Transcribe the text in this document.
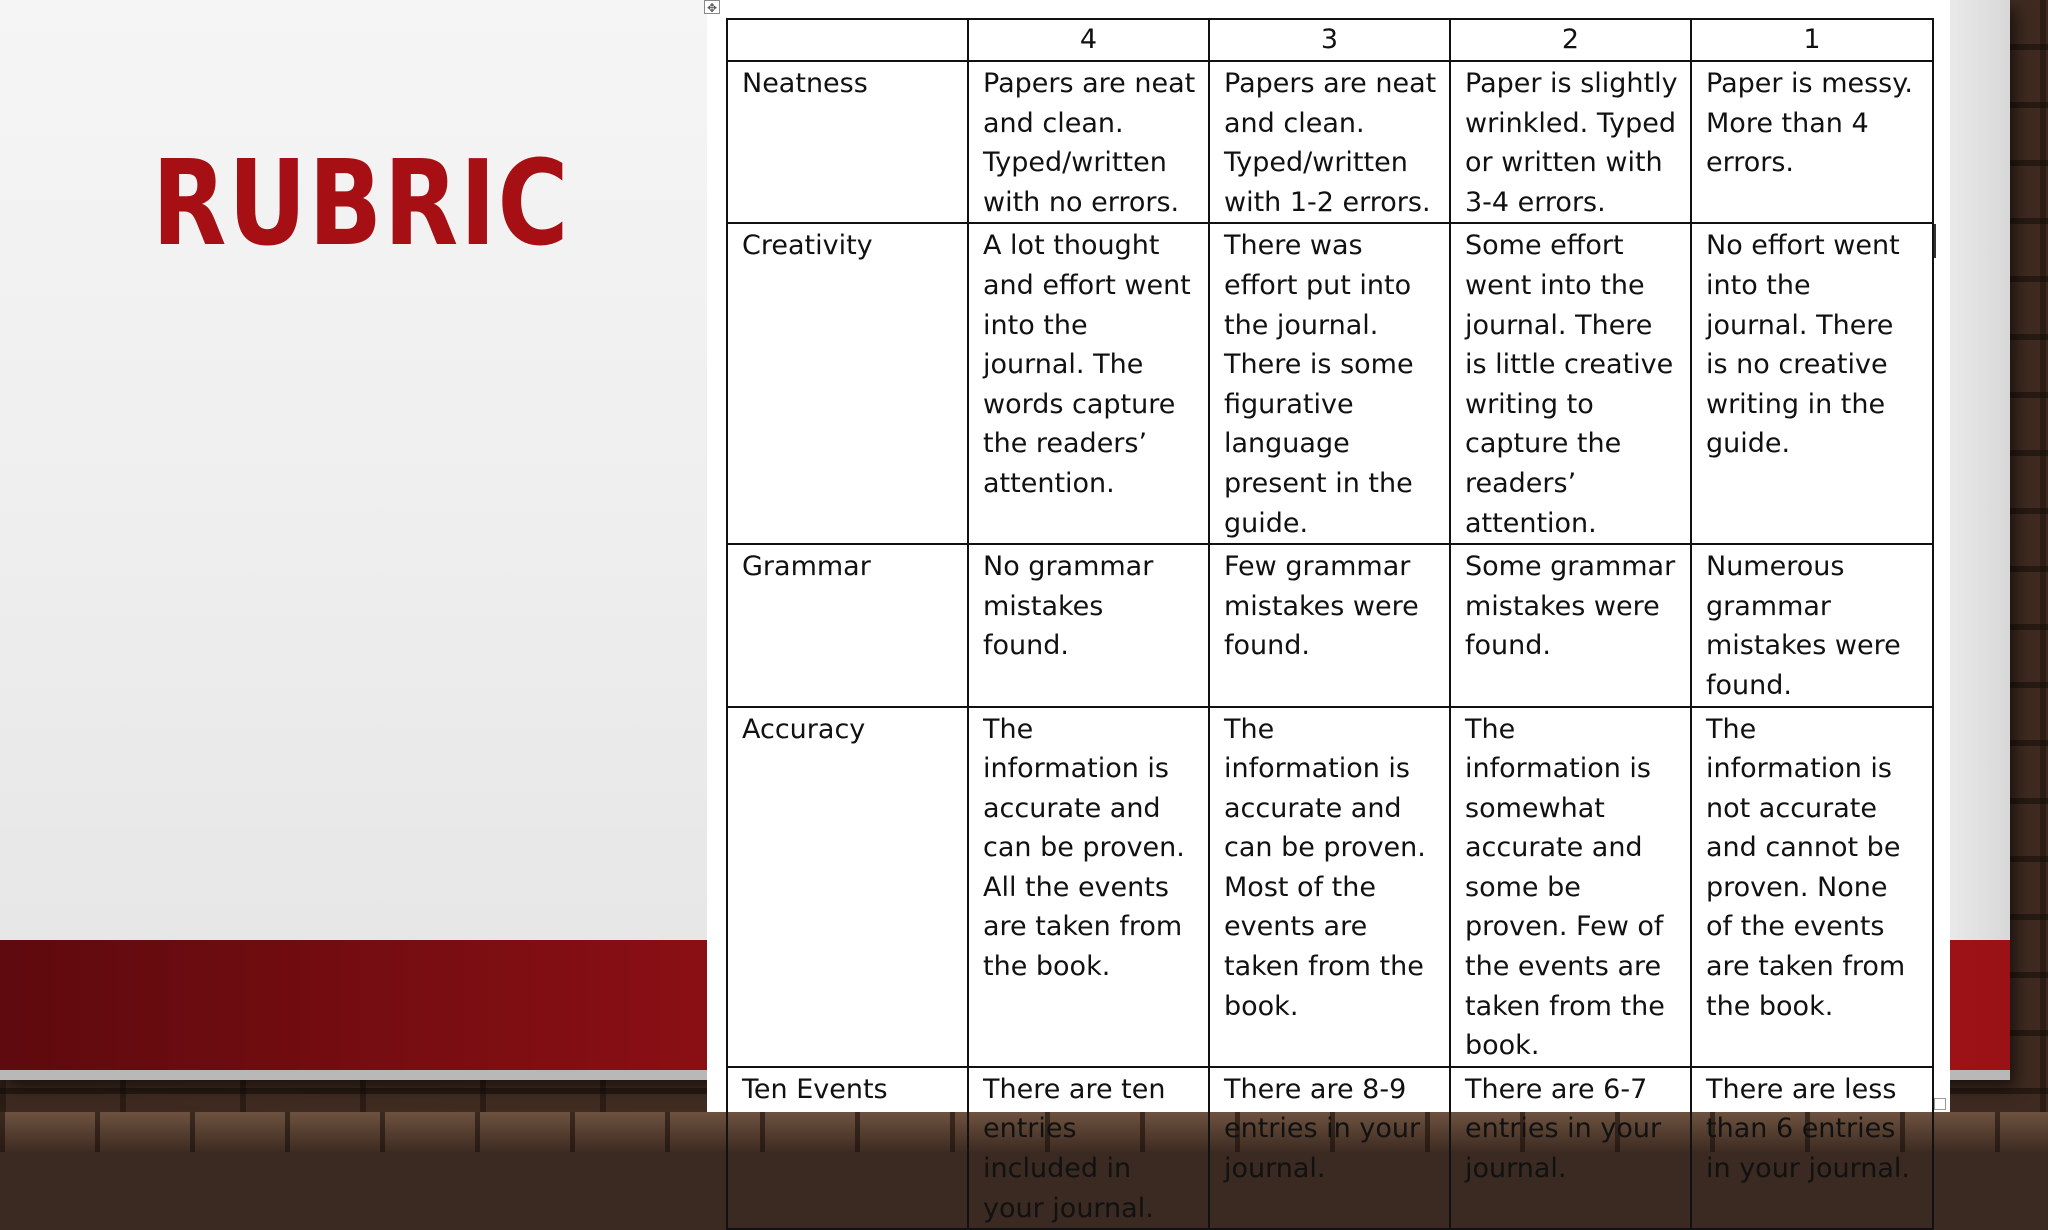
RUBRIC
✥
	4	3	2	1
Neatness	Papers are neat and clean. Typed/written with no errors.	Papers are neat and clean. Typed/written with 1-2 errors.	Paper is slightly wrinkled. Typed or written with 3-4 errors.	Paper is messy. More than 4 errors.
Creativity	A lot thought and effort went into the journal. The words capture the readers’ attention.	There was effort put into the journal. There is some figurative language present in the guide.	Some effort went into the journal. There is little creative writing to capture the readers’ attention.	No effort went into the journal. There is no creative writing in the guide.
Grammar	No grammar mistakes found.	Few grammar mistakes were found.	Some grammar mistakes were found.	Numerous grammar mistakes were found.
Accuracy	The information is accurate and can be proven. All the events are taken from the book.	The information is accurate and can be proven. Most of the events are taken from the book.	The information is somewhat accurate and some be proven. Few of the events are taken from the book.	The information is not accurate and cannot be proven. None of the events are taken from the book.
Ten Events	There are ten entries included in your journal.	There are 8-9 entries in your journal.	There are 6-7 entries in your journal.	There are less than 6 entries in your journal.
